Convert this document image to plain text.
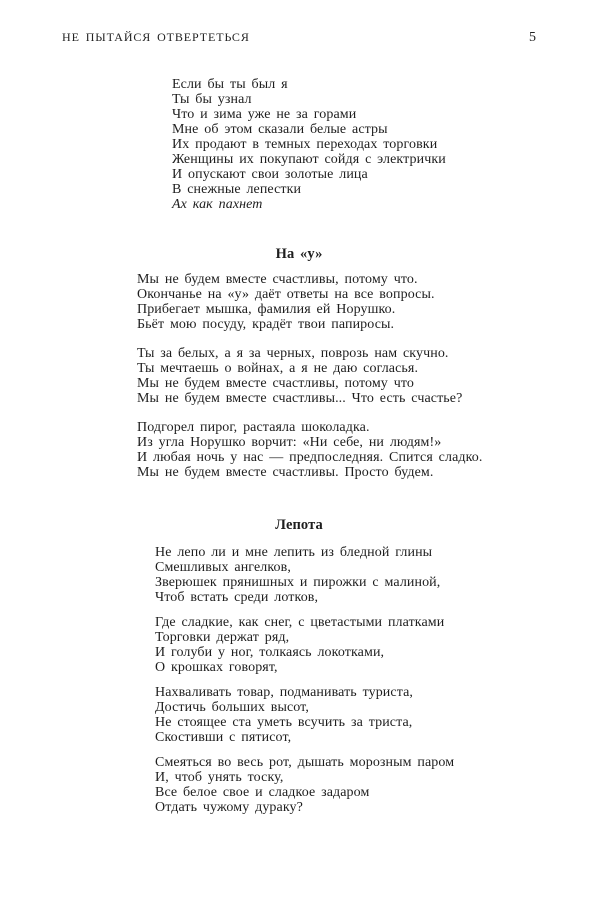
НЕ ПЫТАЙСЯ ОТВЕРТЕТЬСЯ	5
Если бы ты был я
Ты бы узнал
Что и зима уже не за горами
Мне об этом сказали белые астры
Их продают в темных переходах торговки
Женщины их покупают сойдя с электрички
И опускают свои золотые лица
В снежные лепестки
Ах как пахнет
На «у»
Мы не будем вместе счастливы, потому что.
Окончанье на «у» даёт ответы на все вопросы.
Прибегает мышка, фамилия ей Норушко.
Бьёт мою посуду, крадёт твои папиросы.
Ты за белых, а я за черных, поврозь нам скучно.
Ты мечтаешь о войнах, а я не даю согласья.
Мы не будем вместе счастливы, потому что
Мы не будем вместе счастливы... Что есть счастье?
Подгорел пирог, растаяла шоколадка.
Из угла Норушко ворчит: «Ни себе, ни людям!»
И любая ночь у нас — предпоследняя. Спится сладко.
Мы не будем вместе счастливы. Просто будем.
Лепота
Не лепо ли и мне лепить из бледной глины
Смешливых ангелков,
Зверюшек прянишных и пирожки с малиной,
Чтоб встать среди лотков,
Где сладкие, как снег, с цветастыми платками
Торговки держат ряд,
И голуби у ног, толкаясь локотками,
О крошках говорят,
Нахваливать товар, подманивать туриста,
Достичь больших высот,
Не стоящее ста уметь всучить за триста,
Скостивши с пятисот,
Смеяться во весь рот, дышать морозным паром
И, чтоб унять тоску,
Все белое свое и сладкое задаром
Отдать чужому дураку?
